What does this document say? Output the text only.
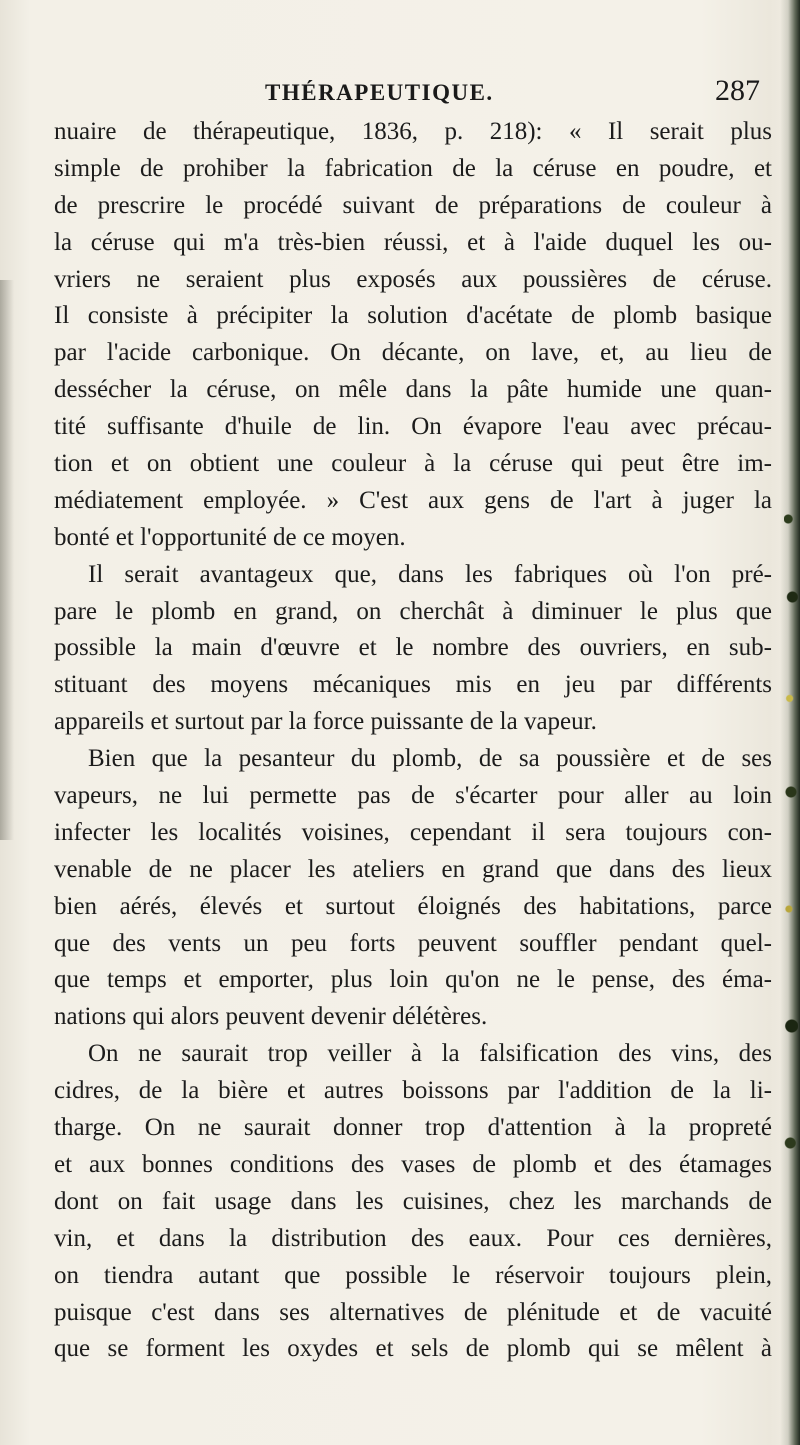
THÉRAPEUTIQUE.	287
nuaire de thérapeutique, 1836, p. 218): « Il serait plus
simple de prohiber la fabrication de la céruse en poudre, et
de prescrire le procédé suivant de préparations de couleur à
la céruse qui m'a très-bien réussi, et à l'aide duquel les ou-
vriers ne seraient plus exposés aux poussières de céruse.
Il consiste à précipiter la solution d'acétate de plomb basique
par l'acide carbonique. On décante, on lave, et, au lieu de
dessécher la céruse, on mêle dans la pâte humide une quan-
tité suffisante d'huile de lin. On évapore l'eau avec précau-
tion et on obtient une couleur à la céruse qui peut être im-
médiatement employée. » C'est aux gens de l'art à juger la
bonté et l'opportunité de ce moyen.
Il serait avantageux que, dans les fabriques où l'on pré-
pare le plomb en grand, on cherchât à diminuer le plus que
possible la main d'œuvre et le nombre des ouvriers, en sub-
stituant des moyens mécaniques mis en jeu par différents
appareils et surtout par la force puissante de la vapeur.
Bien que la pesanteur du plomb, de sa poussière et de ses
vapeurs, ne lui permette pas de s'écarter pour aller au loin
infecter les localités voisines, cependant il sera toujours con-
venable de ne placer les ateliers en grand que dans des lieux
bien aérés, élevés et surtout éloignés des habitations, parce
que des vents un peu forts peuvent souffler pendant quel-
que temps et emporter, plus loin qu'on ne le pense, des éma-
nations qui alors peuvent devenir délétères.
On ne saurait trop veiller à la falsification des vins, des
cidres, de la bière et autres boissons par l'addition de la li-
tharge. On ne saurait donner trop d'attention à la propreté
et aux bonnes conditions des vases de plomb et des étamages
dont on fait usage dans les cuisines, chez les marchands de
vin, et dans la distribution des eaux. Pour ces dernières,
on tiendra autant que possible le réservoir toujours plein,
puisque c'est dans ses alternatives de plénitude et de vacuité
que se forment les oxydes et sels de plomb qui se mêlent à
